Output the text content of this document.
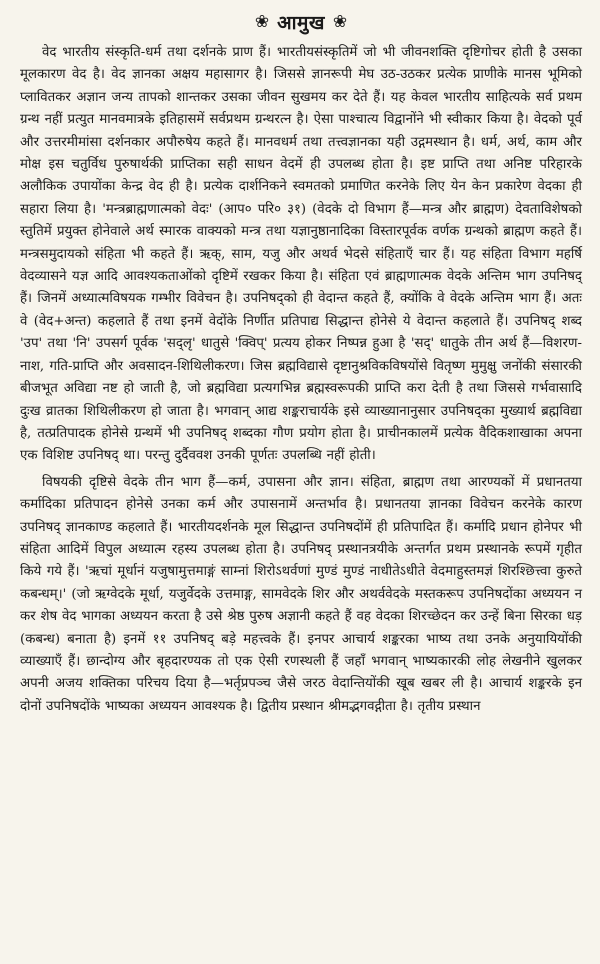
❀ आमुख ❀

वेद भारतीय संस्कृति-धर्म तथा दर्शनके प्राण हैं। भारतीयसंस्कृतिमें जो भी जीवनशक्ति दृष्टिगोचर होती है उसका मूलकारण वेद है। वेद ज्ञानका अक्षय महासागर है। जिससे ज्ञानरूपी मेघ उठ-उठकर प्रत्येक प्राणीके मानस भूमिको प्लावितकर अज्ञान जन्य तापको शान्तकर उसका जीवन सुखमय कर देते हैं। यह केवल भारतीय साहित्यके सर्व प्रथम ग्रन्थ नहीं प्रत्युत मानवमात्रके इतिहासमें सर्वप्रथम ग्रन्थरत्न है। ऐसा पाश्चात्य विद्वानोंने भी स्वीकार किया है। वेदको पूर्व और उत्तरमीमांसा दर्शनकार अपौरुषेय कहते हैं। मानवधर्म तथा तत्त्वज्ञानका यही उद्गमस्थान है। धर्म, अर्थ, काम और मोक्ष इस चतुर्विध पुरुषार्थकी प्राप्तिका सही साधन वेदमें ही उपलब्ध होता है। इष्ट प्राप्ति तथा अनिष्ट परिहारके अलौकिक उपायोंका केन्द्र वेद ही है। प्रत्येक दार्शनिकने स्वमतको प्रमाणित करनेके लिए येन केन प्रकारेण वेदका ही सहारा लिया है। 'मन्त्रब्राह्मणात्मको वेदः' (आप० परि० ३१) (वेदके दो विभाग हैं—मन्त्र और ब्राह्मण) देवताविशेषको स्तुतिमें प्रयुक्त होनेवाले अर्थ स्मारक वाक्यको मन्त्र तथा यज्ञानुष्ठानादिका विस्तारपूर्वक वर्णक ग्रन्थको ब्राह्मण कहते हैं। मन्त्रसमुदायको संहिता भी कहते हैं। ऋक्, साम, यजु और अथर्व भेदसे संहिताएँ चार हैं। यह संहिता विभाग महर्षि वेदव्यासने यज्ञ आदि आवश्यकताओंको दृष्टिमें रखकर किया है। संहिता एवं ब्राह्मणात्मक वेदके अन्तिम भाग उपनिषद् हैं। जिनमें अध्यात्मविषयक गम्भीर विवेचन है। उपनिषद्को ही वेदान्त कहते हैं, क्योंकि वे वेदके अन्तिम भाग हैं। अतः वे (वेद+अन्त) कहलाते हैं तथा इनमें वेदोंके निर्णीत प्रतिपाद्य सिद्धान्त होनेसे ये वेदान्त कहलाते हैं। उपनिषद् शब्द 'उप' तथा 'नि' उपसर्ग पूर्वक 'सद्लृ' धातुसे 'क्विप्' प्रत्यय होकर निष्पन्न हुआ है 'सद्' धातुके तीन अर्थ हैं—विशरण-नाश, गति-प्राप्ति और अवसादन-शिथिलीकरण। जिस ब्रह्मविद्यासे दृष्टानुश्रविकविषयोंसे वितृष्ण मुमुक्षु जनोंकी संसारकी बीजभूत अविद्या नष्ट हो जाती है, जो ब्रह्मविद्या प्रत्यगभिन्न ब्रह्मस्वरूपकी प्राप्ति करा देती है तथा जिससे गर्भवासादि दुःख व्रातका शिथिलीकरण हो जाता है। भगवान् आद्य शङ्कराचार्यके इसे व्याख्यानानुसार उपनिषद्का मुख्यार्थ ब्रह्मविद्या है, तत्प्रतिपादक होनेसे ग्रन्थमें भी उपनिषद् शब्दका गौण प्रयोग होता है। प्राचीनकालमें प्रत्येक वैदिकशाखाका अपना एक विशिष्ट उपनिषद् था। परन्तु दुर्दैववश उनकी पूर्णतः उपलब्धि नहीं होती।

विषयकी दृष्टिसे वेदके तीन भाग हैं—कर्म, उपासना और ज्ञान। संहिता, ब्राह्मण तथा आरण्यकों में प्रधानतया कर्मादिका प्रतिपादन होनेसे उनका कर्म और उपासनामें अन्तर्भाव है। प्रधानतया ज्ञानका विवेचन करनेके कारण उपनिषद् ज्ञानकाण्ड कहलाते हैं। भारतीयदर्शनके मूल सिद्धान्त उपनिषदोंमें ही प्रतिपादित हैं। कर्मादि प्रधान होनेपर भी संहिता आदिमें विपुल अध्यात्म रहस्य उपलब्ध होता है। उपनिषद् प्रस्थानत्रयीके अन्तर्गत प्रथम प्रस्थानके रूपमें गृहीत किये गये हैं। 'ऋचां मूर्धानं यजुषामुत्तमाङ्गं साम्नां शिरोऽथर्वणां मुण्डं मुण्डं नाधीतेऽधीते वेदमाहुस्तमज्ञं शिरश्छित्त्वा कुरुते कबन्धम्।' (जो ऋग्वेदके मूर्धा, यजुर्वेदके उत्तमाङ्ग, सामवेदके शिर और अथर्ववेदके मस्तकरूप उपनिषदोंका अध्ययन न कर शेष वेद भागका अध्ययन करता है उसे श्रेष्ठ पुरुष अज्ञानी कहते हैं वह वेदका शिरच्छेदन कर उन्हें बिना सिरका धड़ (कबन्ध) बनाता है) इनमें ११ उपनिषद् बड़े महत्त्वके हैं। इनपर आचार्य शङ्करका भाष्य तथा उनके अनुयायियोंकी व्याख्याएँ हैं। छान्दोग्य और बृहदारण्यक तो एक ऐसी रणस्थली हैं जहाँ भगवान् भाष्यकारकी लोह लेखनीने खुलकर अपनी अजय शक्तिका परिचय दिया है—भर्तृप्रपञ्च जैसे जरठ वेदान्तियोंकी खूब खबर ली है। आचार्य शङ्करके इन दोनों उपनिषदोंके भाष्यका अध्ययन आवश्यक है। द्वितीय प्रस्थान श्रीमद्भगवद्गीता है। तृतीय प्रस्थान
